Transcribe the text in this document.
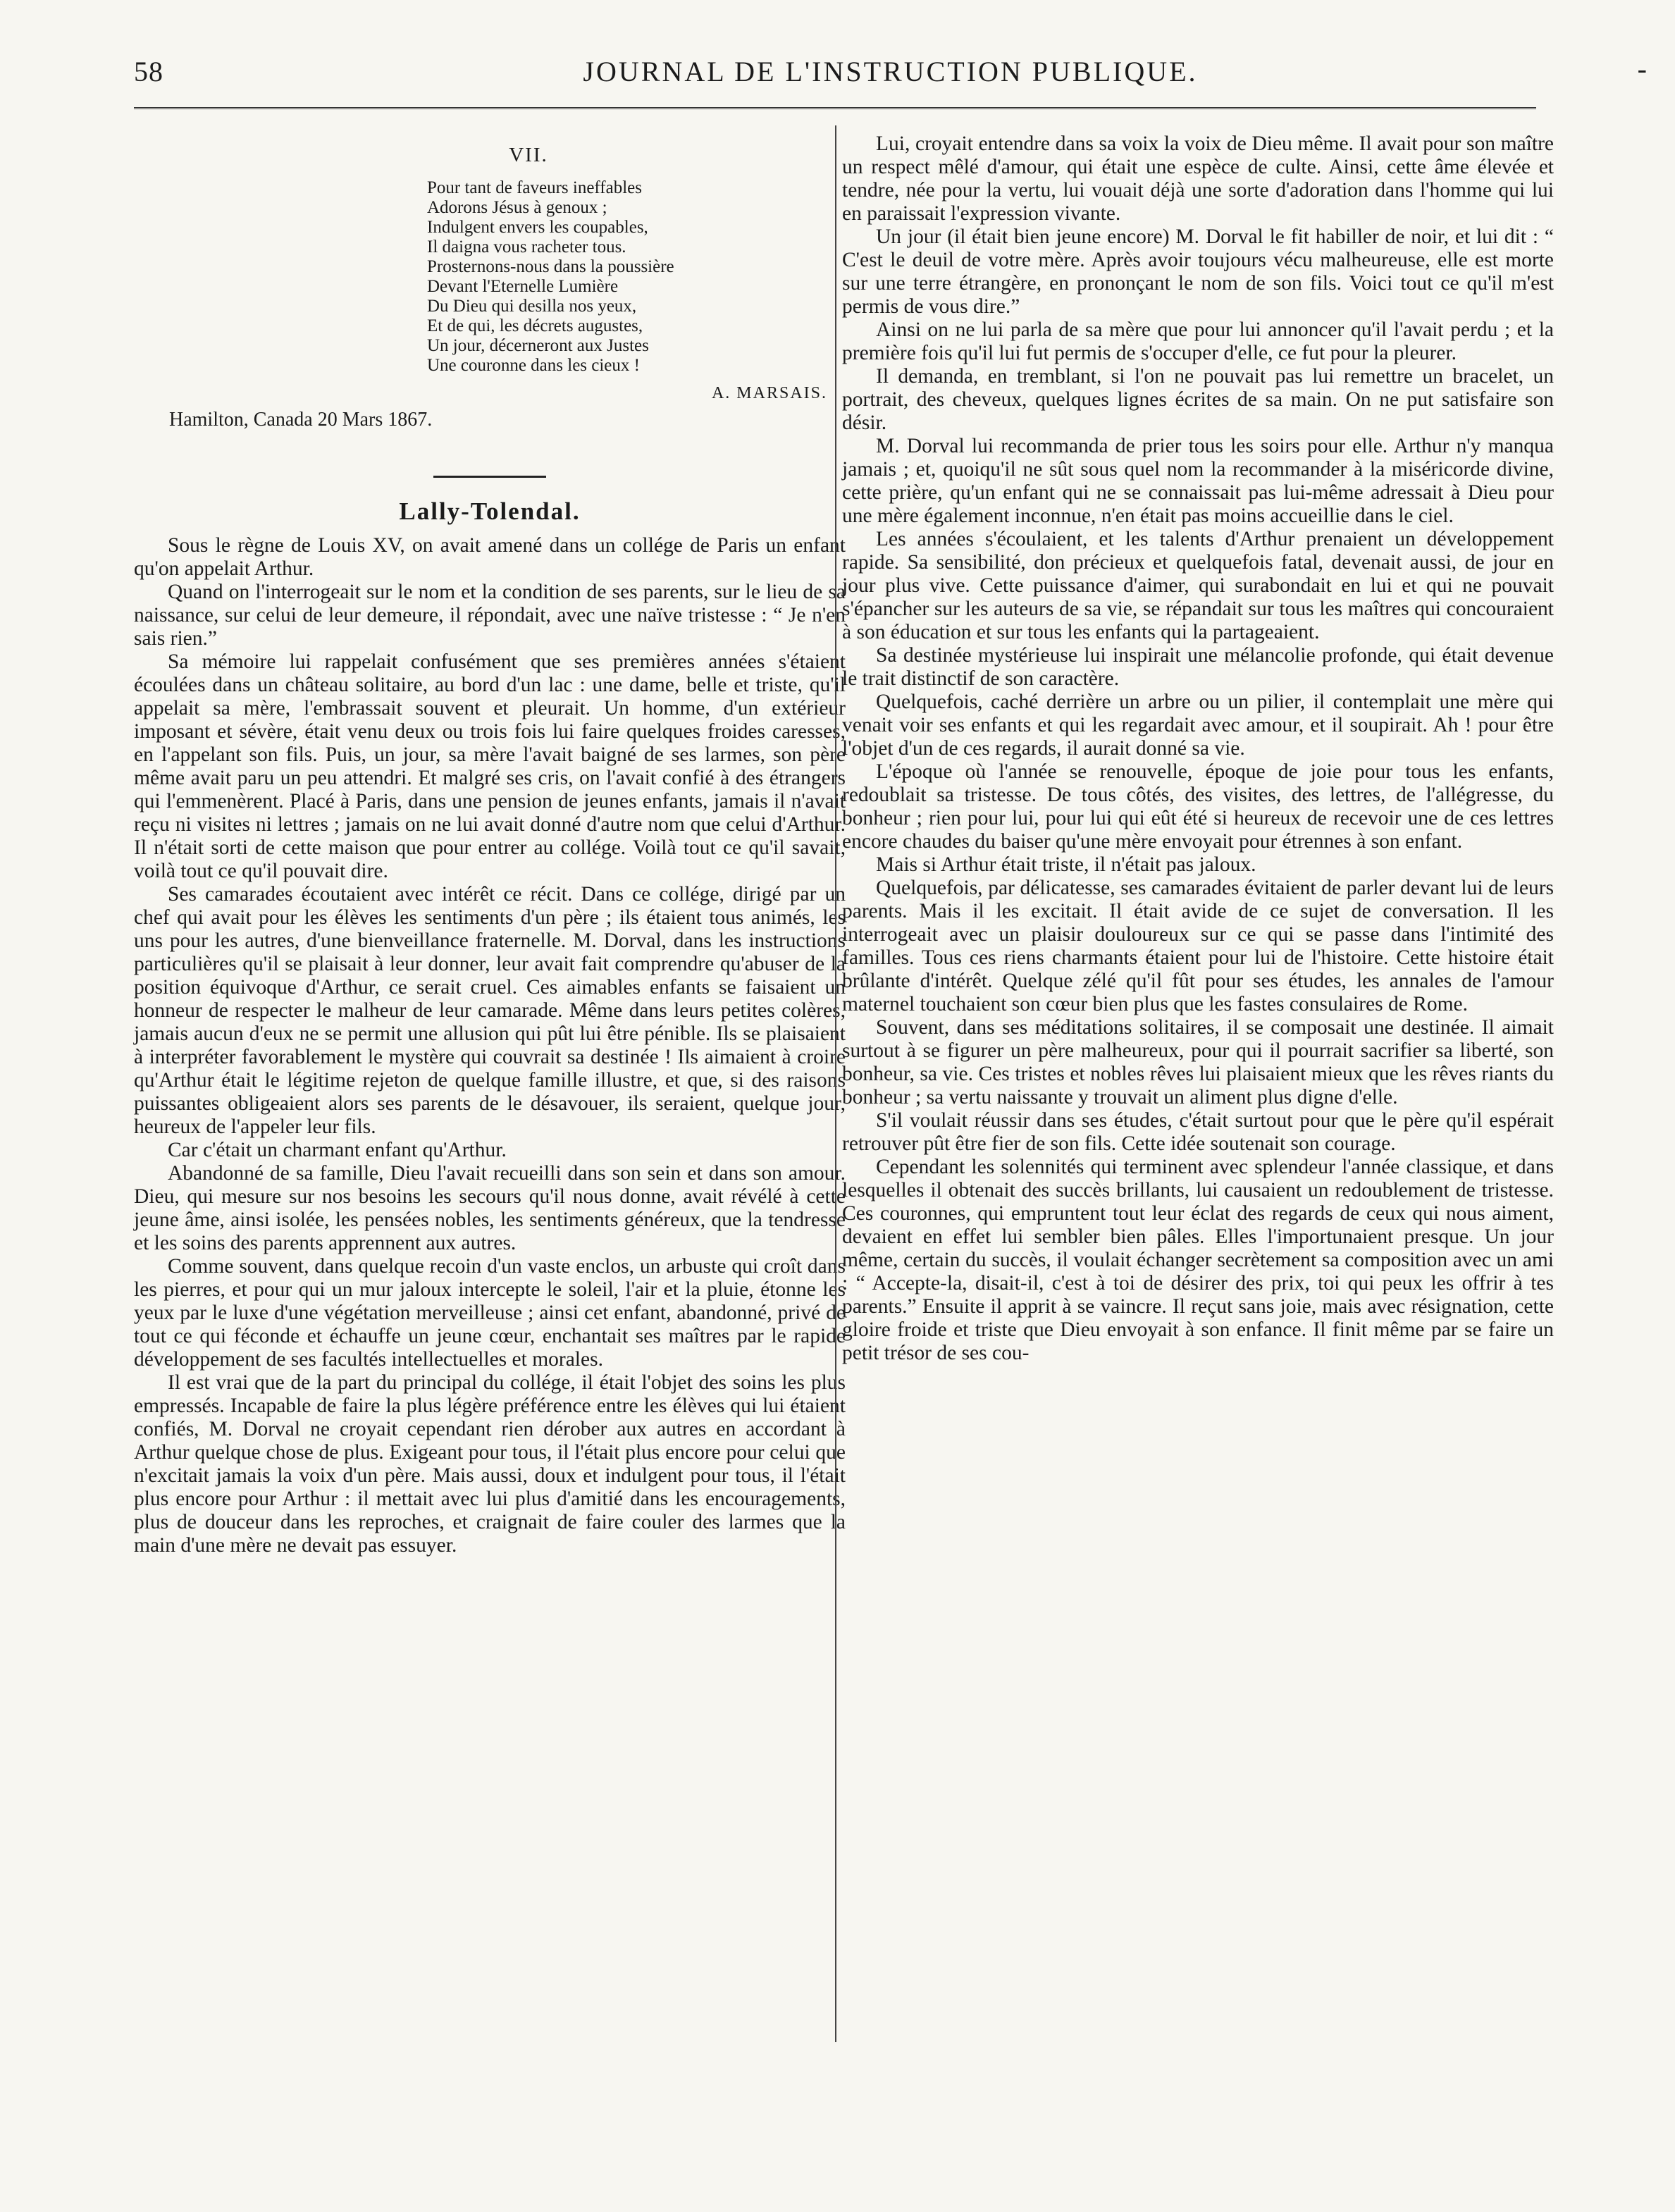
58	JOURNAL DE L'INSTRUCTION PUBLIQUE.	-
VII.
Pour tant de faveurs ineffables
Adorons Jésus à genoux ;
Indulgent envers les coupables,
Il daigna vous racheter tous.
Prosternons-nous dans la poussière
Devant l'Eternelle Lumière
Du Dieu qui desilla nos yeux,
Et de qui, les décrets augustes,
Un jour, décerneront aux Justes
Une couronne dans les cieux !
A. MARSAIS.
Hamilton, Canada 20 Mars 1867.
Lally-Tolendal.

Sous le règne de Louis XV, on avait amené dans un collége de Paris un enfant qu'on appelait Arthur.

Quand on l'interrogeait sur le nom et la condition de ses parents, sur le lieu de sa naissance, sur celui de leur demeure, il répondait, avec une naïve tristesse : “ Je n'en sais rien.”

Sa mémoire lui rappelait confusément que ses premières années s'étaient écoulées dans un château solitaire, au bord d'un lac : une dame, belle et triste, qu'il appelait sa mère, l'embrassait souvent et pleurait. Un homme, d'un extérieur imposant et sévère, était venu deux ou trois fois lui faire quelques froides caresses, en l'appelant son fils. Puis, un jour, sa mère l'avait baigné de ses larmes, son père même avait paru un peu attendri. Et malgré ses cris, on l'avait confié à des étrangers qui l'emmenèrent. Placé à Paris, dans une pension de jeunes enfants, jamais il n'avait reçu ni visites ni lettres ; jamais on ne lui avait donné d'autre nom que celui d'Arthur. Il n'était sorti de cette maison que pour entrer au collége. Voilà tout ce qu'il savait, voilà tout ce qu'il pouvait dire.

Ses camarades écoutaient avec intérêt ce récit. Dans ce collége, dirigé par un chef qui avait pour les élèves les sentiments d'un père ; ils étaient tous animés, les uns pour les autres, d'une bienveillance fraternelle. M. Dorval, dans les instructions particulières qu'il se plaisait à leur donner, leur avait fait comprendre qu'abuser de la position équivoque d'Arthur, ce serait cruel. Ces aimables enfants se faisaient un honneur de respecter le malheur de leur camarade. Même dans leurs petites colères, jamais aucun d'eux ne se permit une allusion qui pût lui être pénible. Ils se plaisaient à interpréter favorablement le mystère qui couvrait sa destinée ! Ils aimaient à croire qu'Arthur était le légitime rejeton de quelque famille illustre, et que, si des raisons puissantes obligeaient alors ses parents de le désavouer, ils seraient, quelque jour, heureux de l'appeler leur fils.

Car c'était un charmant enfant qu'Arthur.

Abandonné de sa famille, Dieu l'avait recueilli dans son sein et dans son amour. Dieu, qui mesure sur nos besoins les secours qu'il nous donne, avait révélé à cette jeune âme, ainsi isolée, les pensées nobles, les sentiments généreux, que la tendresse et les soins des parents apprennent aux autres.

Comme souvent, dans quelque recoin d'un vaste enclos, un arbuste qui croît dans les pierres, et pour qui un mur jaloux intercepte le soleil, l'air et la pluie, étonne les yeux par le luxe d'une végétation merveilleuse ; ainsi cet enfant, abandonné, privé de tout ce qui féconde et échauffe un jeune cœur, enchantait ses maîtres par le rapide développement de ses facultés intellectuelles et morales.

Il est vrai que de la part du principal du collége, il était l'objet des soins les plus empressés. Incapable de faire la plus légère préférence entre les élèves qui lui étaient confiés, M. Dorval ne croyait cependant rien dérober aux autres en accordant à Arthur quelque chose de plus. Exigeant pour tous, il l'était plus encore pour celui que n'excitait jamais la voix d'un père. Mais aussi, doux et indulgent pour tous, il l'était plus encore pour Arthur : il mettait avec lui plus d'amitié dans les encouragements, plus de douceur dans les reproches, et craignait de faire couler des larmes que la main d'une mère ne devait pas essuyer.

Lui, croyait entendre dans sa voix la voix de Dieu même. Il avait pour son maître un respect mêlé d'amour, qui était une espèce de culte. Ainsi, cette âme élevée et tendre, née pour la vertu, lui vouait déjà une sorte d'adoration dans l'homme qui lui en paraissait l'expression vivante.

Un jour (il était bien jeune encore) M. Dorval le fit habiller de noir, et lui dit : “ C'est le deuil de votre mère. Après avoir toujours vécu malheureuse, elle est morte sur une terre étrangère, en prononçant le nom de son fils. Voici tout ce qu'il m'est permis de vous dire.”

Ainsi on ne lui parla de sa mère que pour lui annoncer qu'il l'avait perdu ; et la première fois qu'il lui fut permis de s'occuper d'elle, ce fut pour la pleurer.

Il demanda, en tremblant, si l'on ne pouvait pas lui remettre un bracelet, un portrait, des cheveux, quelques lignes écrites de sa main. On ne put satisfaire son désir.

M. Dorval lui recommanda de prier tous les soirs pour elle. Arthur n'y manqua jamais ; et, quoiqu'il ne sût sous quel nom la recommander à la miséricorde divine, cette prière, qu'un enfant qui ne se connaissait pas lui-même adressait à Dieu pour une mère également inconnue, n'en était pas moins accueillie dans le ciel.

Les années s'écoulaient, et les talents d'Arthur prenaient un développement rapide. Sa sensibilité, don précieux et quelquefois fatal, devenait aussi, de jour en jour plus vive. Cette puissance d'aimer, qui surabondait en lui et qui ne pouvait s'épancher sur les auteurs de sa vie, se répandait sur tous les maîtres qui concouraient à son éducation et sur tous les enfants qui la partageaient.

Sa destinée mystérieuse lui inspirait une mélancolie profonde, qui était devenue le trait distinctif de son caractère.

Quelquefois, caché derrière un arbre ou un pilier, il contemplait une mère qui venait voir ses enfants et qui les regardait avec amour, et il soupirait. Ah ! pour être l'objet d'un de ces regards, il aurait donné sa vie.

L'époque où l'année se renouvelle, époque de joie pour tous les enfants, redoublait sa tristesse. De tous côtés, des visites, des lettres, de l'allégresse, du bonheur ; rien pour lui, pour lui qui eût été si heureux de recevoir une de ces lettres encore chaudes du baiser qu'une mère envoyait pour étrennes à son enfant.

Mais si Arthur était triste, il n'était pas jaloux.

Quelquefois, par délicatesse, ses camarades évitaient de parler devant lui de leurs parents. Mais il les excitait. Il était avide de ce sujet de conversation. Il les interrogeait avec un plaisir douloureux sur ce qui se passe dans l'intimité des familles. Tous ces riens charmants étaient pour lui de l'histoire. Cette histoire était brûlante d'intérêt. Quelque zélé qu'il fût pour ses études, les annales de l'amour maternel touchaient son cœur bien plus que les fastes consulaires de Rome.

Souvent, dans ses méditations solitaires, il se composait une destinée. Il aimait surtout à se figurer un père malheureux, pour qui il pourrait sacrifier sa liberté, son bonheur, sa vie. Ces tristes et nobles rêves lui plaisaient mieux que les rêves riants du bonheur ; sa vertu naissante y trouvait un aliment plus digne d'elle.

S'il voulait réussir dans ses études, c'était surtout pour que le père qu'il espérait retrouver pût être fier de son fils. Cette idée soutenait son courage.

Cependant les solennités qui terminent avec splendeur l'année classique, et dans lesquelles il obtenait des succès brillants, lui causaient un redoublement de tristesse. Ces couronnes, qui empruntent tout leur éclat des regards de ceux qui nous aiment, devaient en effet lui sembler bien pâles. Elles l'importunaient presque. Un jour même, certain du succès, il voulait échanger secrètement sa composition avec un ami : “ Accepte-la, disait-il, c'est à toi de désirer des prix, toi qui peux les offrir à tes parents.” Ensuite il apprit à se vaincre. Il reçut sans joie, mais avec résignation, cette gloire froide et triste que Dieu envoyait à son enfance. Il finit même par se faire un petit trésor de ses cou-
